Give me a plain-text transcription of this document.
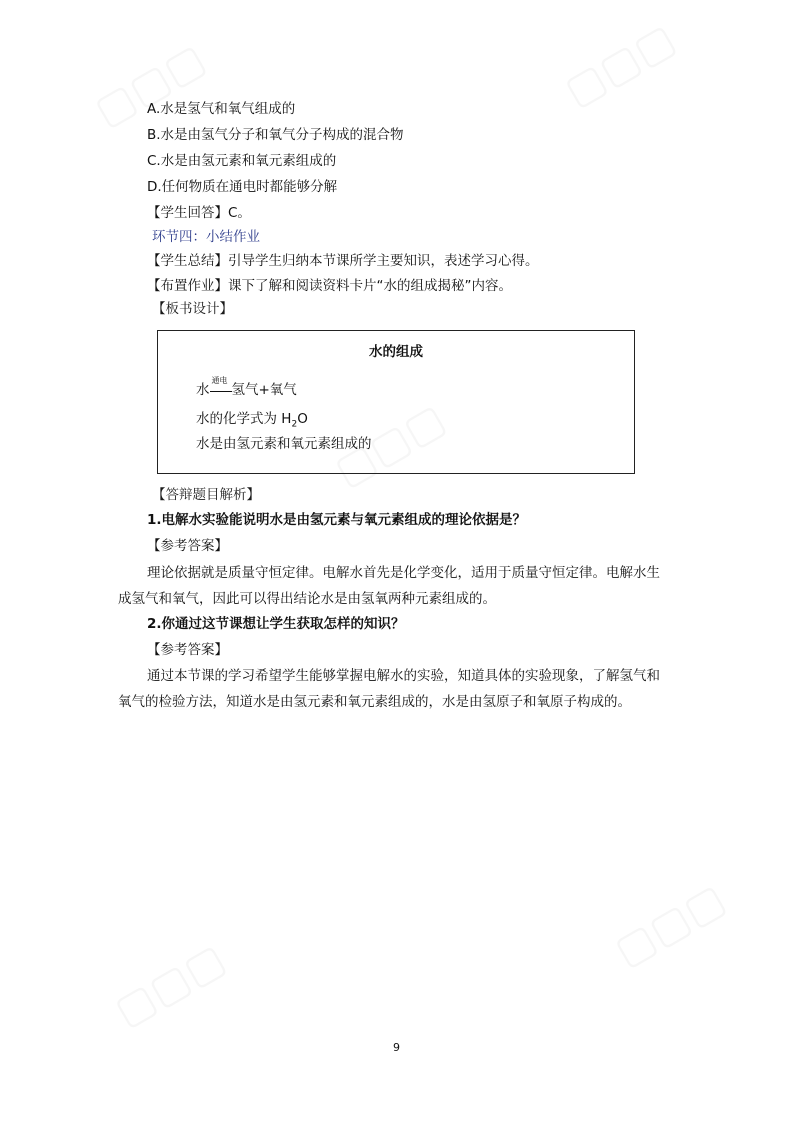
A.水是氢气和氧气组成的
B.水是由氢气分子和氧气分子构成的混合物
C.水是由氢元素和氧元素组成的
D.任何物质在通电时都能够分解
【学生回答】C。
环节四：小结作业
【学生总结】引导学生归纳本节课所学主要知识，表述学习心得。
【布置作业】课下了解和阅读资料卡片“水的组成揭秘”内容。
【板书设计】
水的组成
水
通电
氢气+氧气
水的化学式为 $H_2O$
水是由氢元素和氧元素组成的
【答辩题目解析】
1.电解水实验能说明水是由氢元素与氧元素组成的理论依据是？
【参考答案】
理论依据就是质量守恒定律。电解水首先是化学变化，适用于质量守恒定律。电解水生
成氢气和氧气，因此可以得出结论水是由氢氧两种元素组成的。
2.你通过这节课想让学生获取怎样的知识？
【参考答案】
通过本节课的学习希望学生能够掌握电解水的实验，知道具体的实验现象，了解氢气和
氧气的检验方法，知道水是由氢元素和氧元素组成的，水是由氢原子和氧原子构成的。
9
